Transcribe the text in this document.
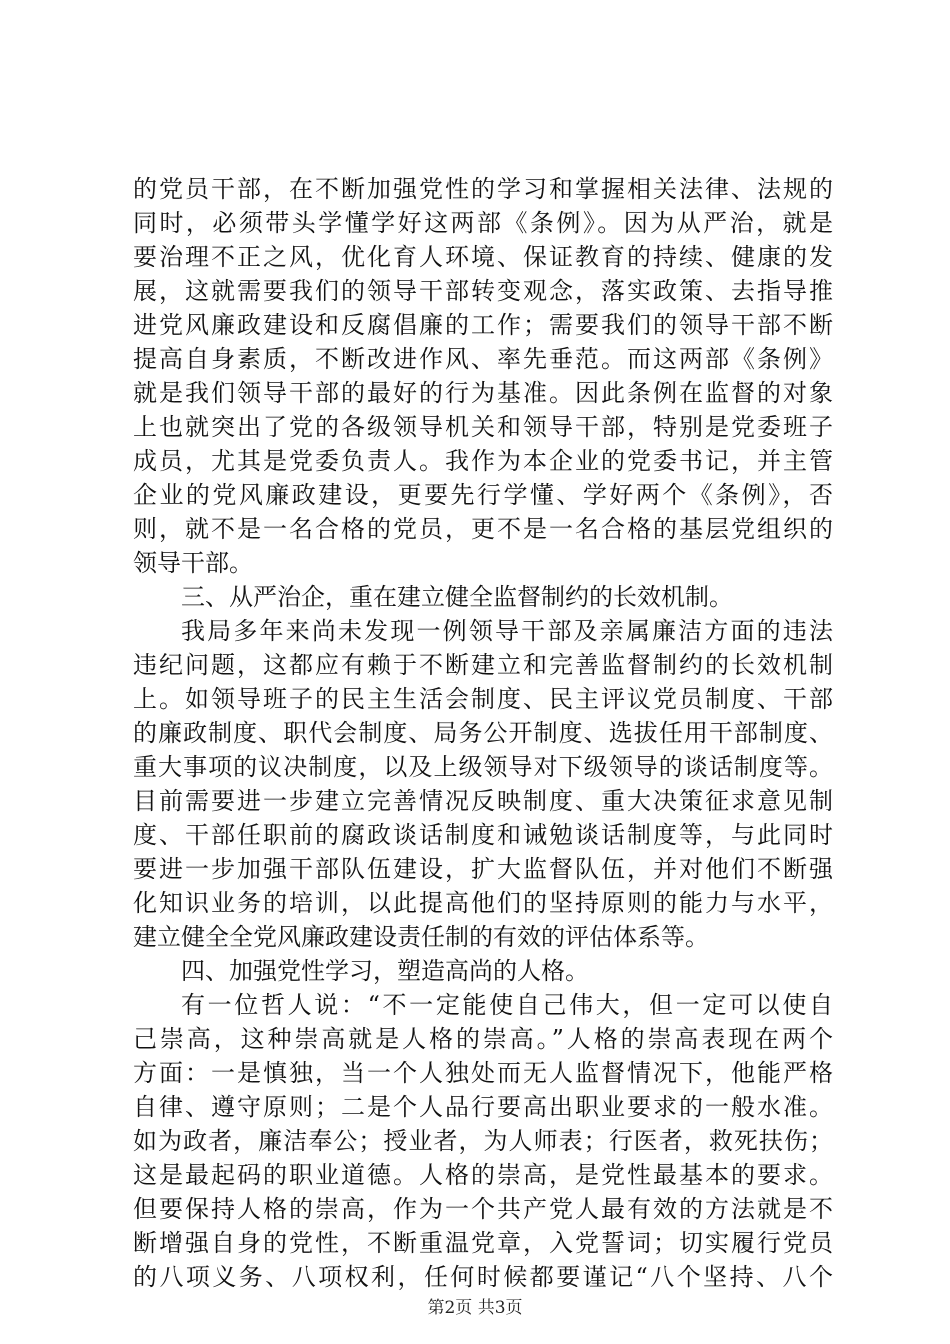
的党员干部，在不断加强党性的学习和掌握相关法律、法规的
同时，必须带头学懂学好这两部《条例》。因为从严治，就是
要治理不正之风，优化育人环境、保证教育的持续、健康的发
展，这就需要我们的领导干部转变观念，落实政策、去指导推
进党风廉政建设和反腐倡廉的工作；需要我们的领导干部不断
提高自身素质，不断改进作风、率先垂范。而这两部《条例》
就是我们领导干部的最好的行为基准。因此条例在监督的对象
上也就突出了党的各级领导机关和领导干部，特别是党委班子
成员，尤其是党委负责人。我作为本企业的党委书记，并主管
企业的党风廉政建设，更要先行学懂、学好两个《条例》，否
则，就不是一名合格的党员，更不是一名合格的基层党组织的
领导干部。
三、从严治企，重在建立健全监督制约的长效机制。
我局多年来尚未发现一例领导干部及亲属廉洁方面的违法
违纪问题，这都应有赖于不断建立和完善监督制约的长效机制
上。如领导班子的民主生活会制度、民主评议党员制度、干部
的廉政制度、职代会制度、局务公开制度、选拔任用干部制度、
重大事项的议决制度，以及上级领导对下级领导的谈话制度等。
目前需要进一步建立完善情况反映制度、重大决策征求意见制
度、干部任职前的腐政谈话制度和诫勉谈话制度等，与此同时
要进一步加强干部队伍建设，扩大监督队伍，并对他们不断强
化知识业务的培训，以此提高他们的坚持原则的能力与水平，
建立健全全党风廉政建设责任制的有效的评估体系等。
四、加强党性学习，塑造高尚的人格。
有一位哲人说：“不一定能使自己伟大，但一定可以使自
己崇高，这种崇高就是人格的崇高。”人格的崇高表现在两个
方面：一是慎独，当一个人独处而无人监督情况下，他能严格
自律、遵守原则；二是个人品行要高出职业要求的一般水准。
如为政者，廉洁奉公；授业者，为人师表；行医者，救死扶伤；
这是最起码的职业道德。人格的崇高，是党性最基本的要求。
但要保持人格的崇高，作为一个共产党人最有效的方法就是不
断增强自身的党性，不断重温党章，入党誓词；切实履行党员
的八项义务、八项权利，任何时候都要谨记“八个坚持、八个
第2页 共3页
